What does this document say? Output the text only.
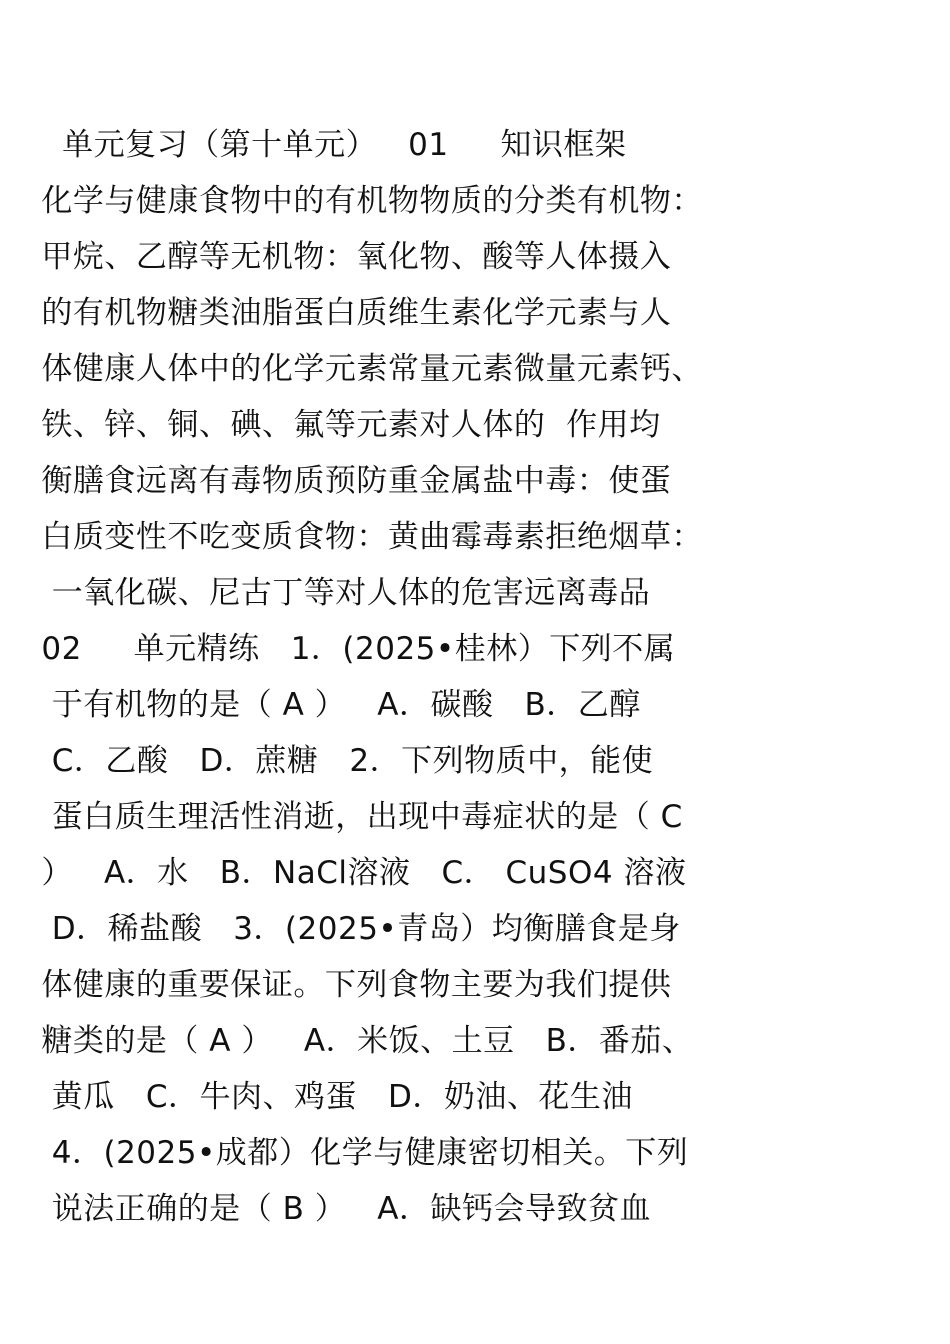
单元复习（第十单元）   01     知识框架
化学与健康食物中的有机物物质的分类有机物：
甲烷、乙醇等无机物：氧化物、酸等人体摄入
的有机物糖类油脂蛋白质维生素化学元素与人
体健康人体中的化学元素常量元素微量元素钙、
铁、锌、铜、碘、氟等元素对人体的  作用均
衡膳食远离有毒物质预防重金属盐中毒：使蛋
白质变性不吃变质食物：黄曲霉毒素拒绝烟草：
一氧化碳、尼古丁等对人体的危害远离毒品
02     单元精练   1．(2025•桂林）下列不属
于有机物的是（ A ）   A．碳酸   B．乙醇
C．乙酸   D．蔗糖   2．下列物质中，能使
蛋白质生理活性消逝，出现中毒症状的是（ C
）   A．水   B．NaCl溶液   C． CuSO4 溶液
D．稀盐酸   3．(2025•青岛）均衡膳食是身
体健康的重要保证。下列食物主要为我们提供
糖类的是（ A ）   A．米饭、土豆   B．番茄、
黄瓜   C．牛肉、鸡蛋   D．奶油、花生油
4．(2025•成都）化学与健康密切相关。下列
说法正确的是（ B ）   A．缺钙会导致贫血
